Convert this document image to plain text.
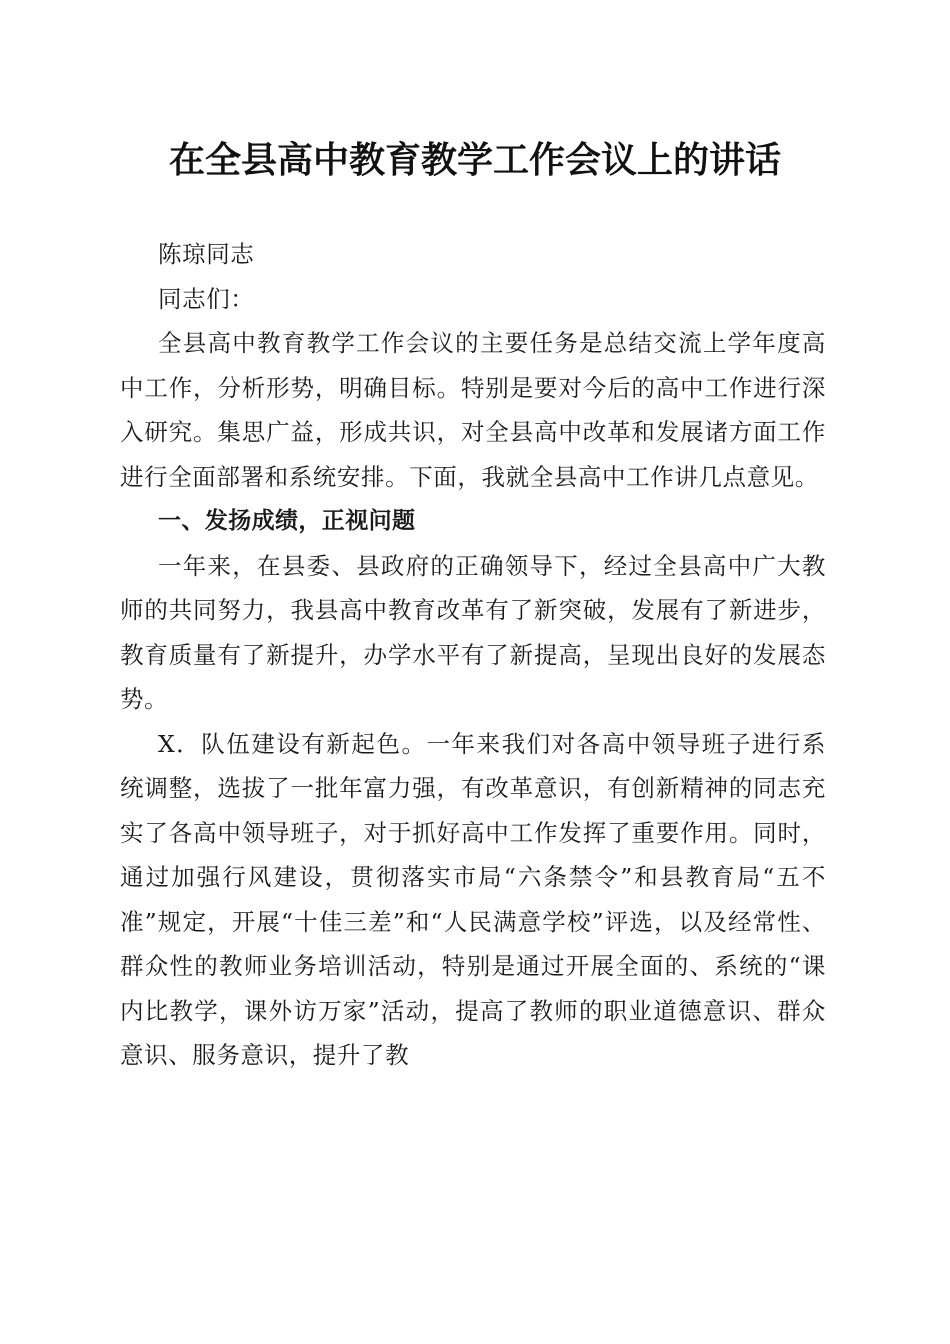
在全县高中教育教学工作会议上的讲话

陈琼同志

同志们：

全县高中教育教学工作会议的主要任务是总结交流上学年度高中工作，分析形势，明确目标。特别是要对今后的高中工作进行深入研究。集思广益，形成共识，对全县高中改革和发展诸方面工作进行全面部署和系统安排。下面，我就全县高中工作讲几点意见。

一、发扬成绩，正视问题

一年来，在县委、县政府的正确领导下，经过全县高中广大教师的共同努力，我县高中教育改革有了新突破，发展有了新进步，教育质量有了新提升，办学水平有了新提高，呈现出良好的发展态势。

X．队伍建设有新起色。一年来我们对各高中领导班子进行系统调整，选拔了一批年富力强，有改革意识，有创新精神的同志充实了各高中领导班子，对于抓好高中工作发挥了重要作用。同时，通过加强行风建设，贯彻落实市局“六条禁令”和县教育局“五不准”规定，开展“十佳三差”和“人民满意学校”评选，以及经常性、群众性的教师业务培训活动，特别是通过开展全面的、系统的“课内比教学，课外访万家”活动，提高了教师的职业道德意识、群众意识、服务意识，提升了教
